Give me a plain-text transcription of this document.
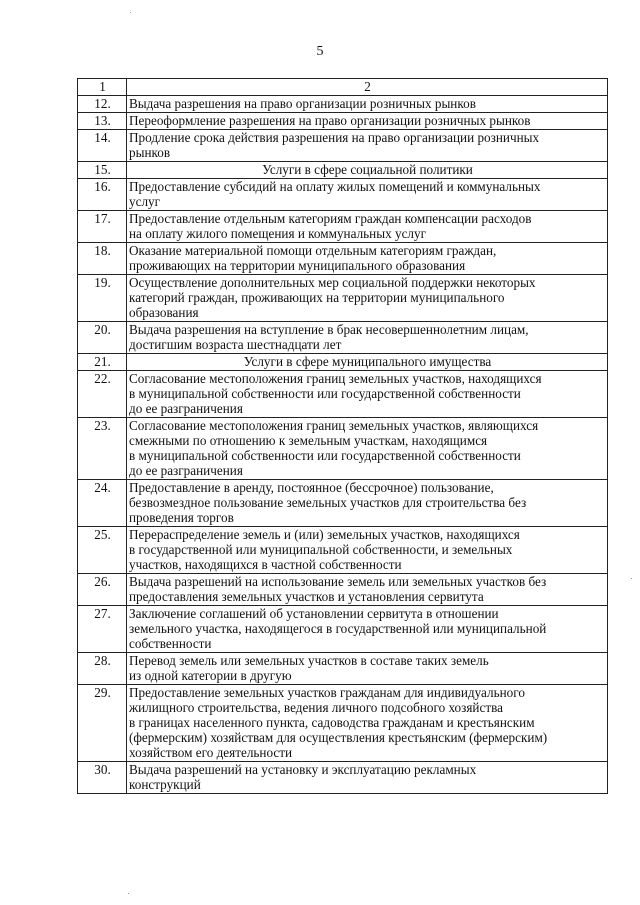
5
1	2
12.	Выдача разрешения на право организации розничных рынков

13.	Переоформление разрешения на право организации розничных рынков

14.	Продление срока действия разрешения на право организации розничных
рынков

15.	Услуги в сфере социальной политики

16.	Предоставление субсидий на оплату жилых помещений и коммунальных
услуг

17.	Предоставление отдельным категориям граждан компенсации расходов
на оплату жилого помещения и коммунальных услуг

18.	Оказание материальной помощи отдельным категориям граждан,
проживающих на территории муниципального образования

19.	Осуществление дополнительных мер социальной поддержки некоторых
категорий граждан, проживающих на территории муниципального
образования

20.	Выдача разрешения на вступление в брак несовершеннолетним лицам,
достигшим возраста шестнадцати лет

21.	Услуги в сфере муниципального имущества

22.	Согласование местоположения границ земельных участков, находящихся
в муниципальной собственности или государственной собственности
до ее разграничения

23.	Согласование местоположения границ земельных участков, являющихся
смежными по отношению к земельным участкам, находящимся
в муниципальной собственности или государственной собственности
до ее разграничения

24.	Предоставление в аренду, постоянное (бессрочное) пользование,
безвозмездное пользование земельных участков для строительства без
проведения торгов

25.	Перераспределение земель и (или) земельных участков, находящихся
в государственной или муниципальной собственности, и земельных
участков, находящихся в частной собственности

26.	Выдача разрешений на использование земель или земельных участков без
предоставления земельных участков и установления сервитута

27.	Заключение соглашений об установлении сервитута в отношении
земельного участка, находящегося в государственной или муниципальной
собственности

28.	Перевод земель или земельных участков в составе таких земель
из одной категории в другую

29.	Предоставление земельных участков гражданам для индивидуального
жилищного строительства, ведения личного подсобного хозяйства
в границах населенного пункта, садоводства гражданам и крестьянским
(фермерским) хозяйствам для осуществления крестьянским (фермерским)
хозяйством его деятельности

30.	Выдача разрешений на установку и эксплуатацию рекламных
конструкций
